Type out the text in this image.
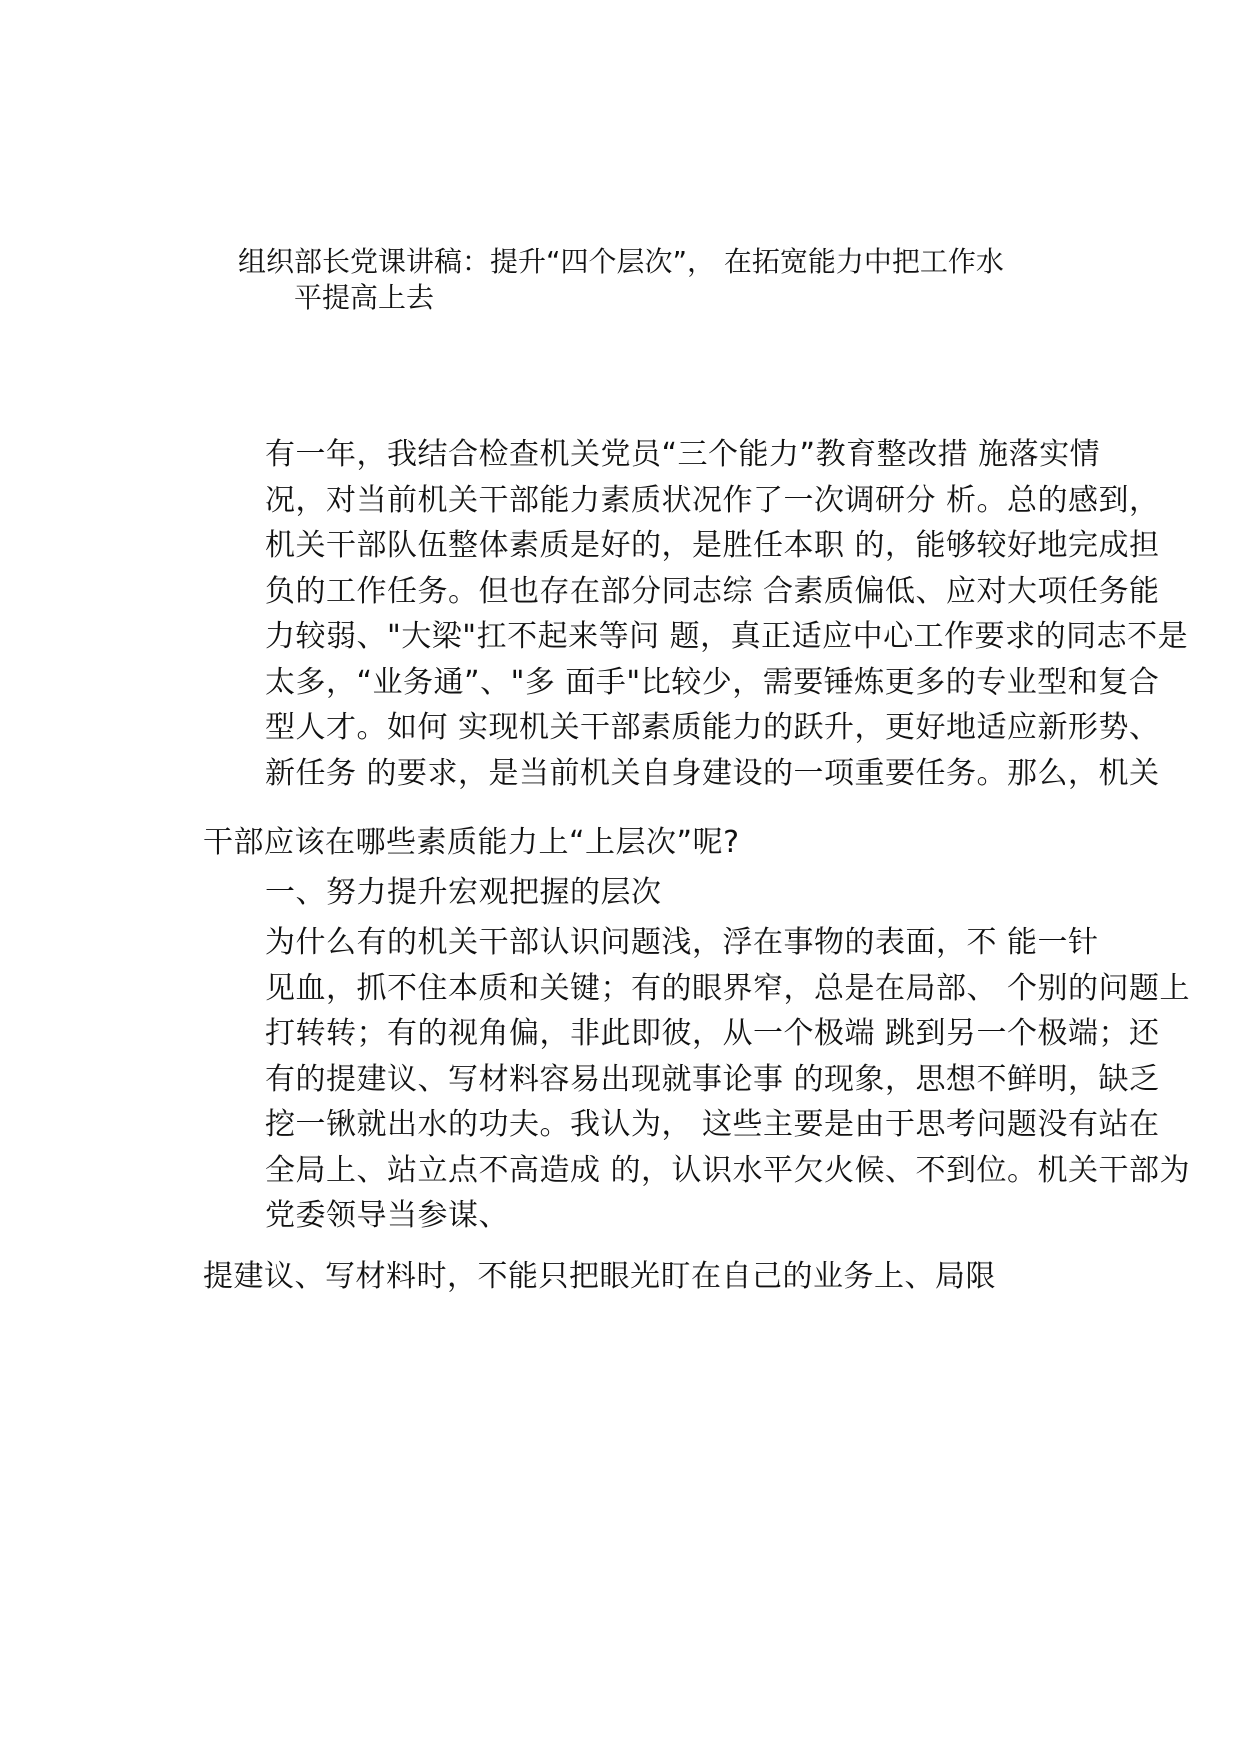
组织部长党课讲稿：提升“四个层次”， 在拓宽能力中把工作水
平提高上去

有一年，我结合检查机关党员“三个能力”教育整改措 施落实情
况，对当前机关干部能力素质状况作了一次调研分 析。总的感到，
机关干部队伍整体素质是好的，是胜任本职 的，能够较好地完成担
负的工作任务。但也存在部分同志综 合素质偏低、应对大项任务能
力较弱、"大梁"扛不起来等问 题，真正适应中心工作要求的同志不是
太多，“业务通”、"多 面手"比较少，需要锤炼更多的专业型和复合
型人才。如何 实现机关干部素质能力的跃升，更好地适应新形势、
新任务 的要求，是当前机关自身建设的一项重要任务。那么，机关

干部应该在哪些素质能力上“上层次”呢?

一、努力提升宏观把握的层次

为什么有的机关干部认识问题浅，浮在事物的表面，不 能一针
见血，抓不住本质和关键；有的眼界窄，总是在局部、 个别的问题上
打转转；有的视角偏，非此即彼，从一个极端 跳到另一个极端；还
有的提建议、写材料容易出现就事论事 的现象，思想不鲜明，缺乏
挖一锹就出水的功夫。我认为， 这些主要是由于思考问题没有站在
全局上、站立点不高造成 的，认识水平欠火候、不到位。机关干部为
党委领导当参谋、

提建议、写材料时，不能只把眼光盯在自己的业务上、局限
